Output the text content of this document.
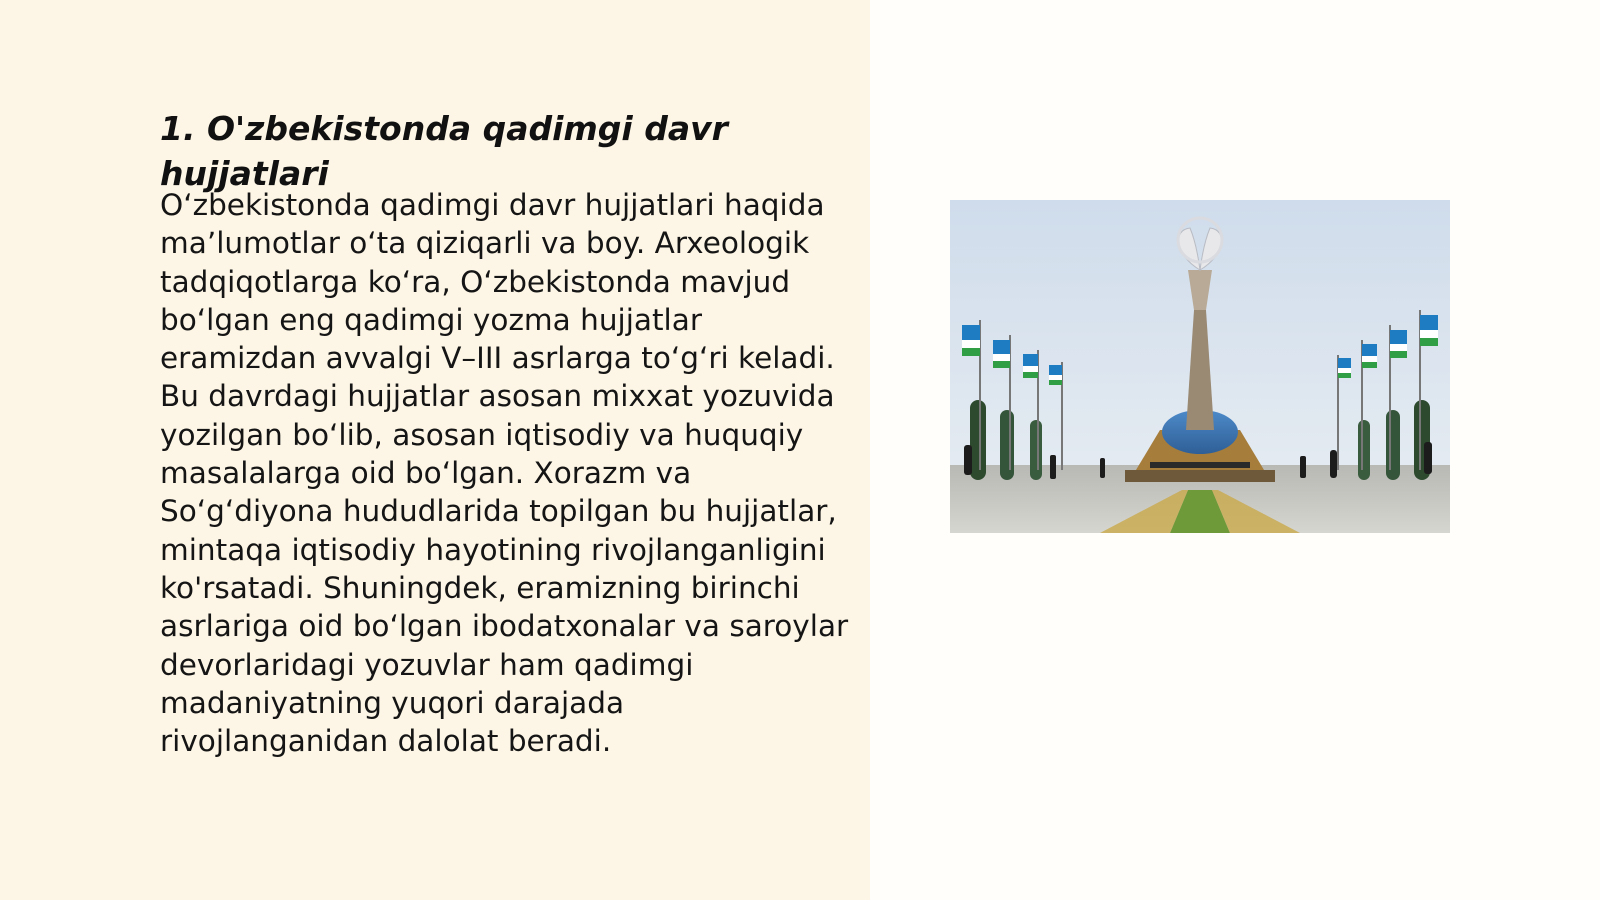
1. O'zbekistonda qadimgi davr hujjatlari

O‘zbekistonda qadimgi davr hujjatlari haqida ma’lumotlar o‘ta qiziqarli va boy. Arxeologik tadqiqotlarga ko‘ra, O‘zbekistonda mavjud bo‘lgan eng qadimgi yozma hujjatlar eramizdan avvalgi V–III asrlarga to‘g‘ri keladi. Bu davrdagi hujjatlar asosan mixxat yozuvida yozilgan bo‘lib, asosan iqtisodiy va huquqiy masalalarga oid bo‘lgan. Xorazm va So‘g‘diyona hududlarida topilgan bu hujjatlar, mintaqa iqtisodiy hayotining rivojlanganligini ko'rsatadi. Shuningdek, eramizning birinchi asrlariga oid bo‘lgan ibodatxonalar va saroylar devorlaridagi yozuvlar ham qadimgi madaniyatning yuqori darajada rivojlanganidan dalolat beradi.
